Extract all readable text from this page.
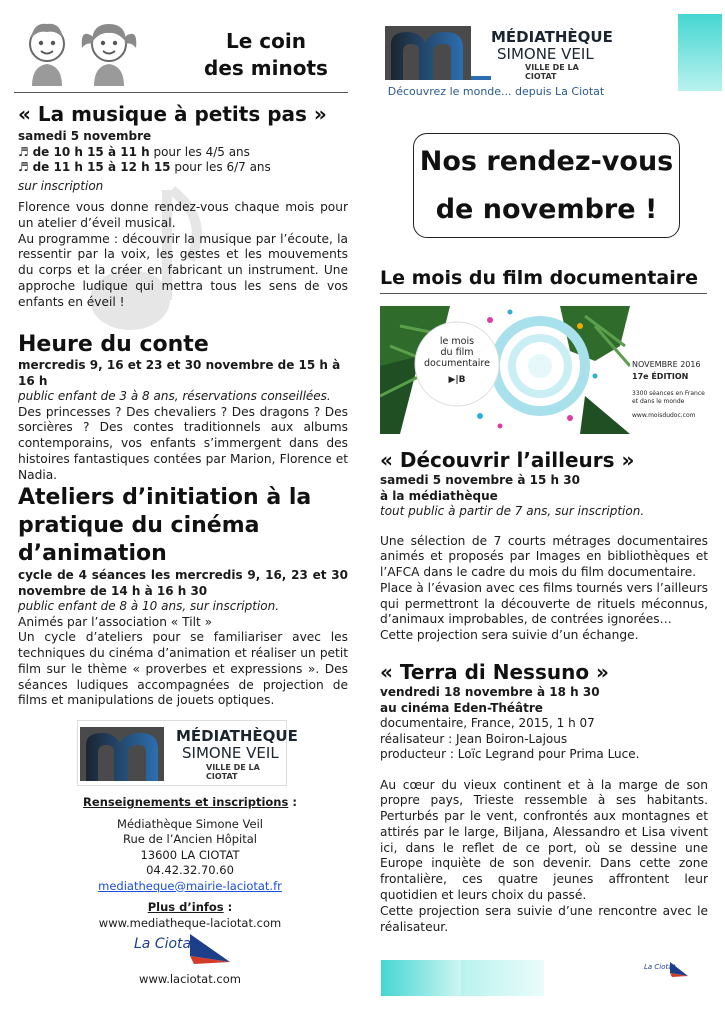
Le coin
des minots
MÉDIATHÈQUE
SIMONE VEIL
VILLE DE LA CIOTAT
Découvrez le monde... depuis La Ciotat
Nos rendez-vous
de novembre !
« La musique à petits pas »
samedi 5 novembre
♬ de 10 h 15 à 11 h pour les 4/5 ans
♬ de 11 h 15 à 12 h 15 pour les 6/7 ans
sur inscription
Florence vous donne rendez-vous chaque mois pour un atelier d’éveil musical.
Au programme : découvrir la musique par l’écoute, la ressentir par la voix, les gestes et les mouvements du corps et la créer en fabricant un instrument. Une approche ludique qui mettra tous les sens de vos enfants en éveil !
Heure du conte
mercredis 9, 16 et 23 et 30 novembre de 15 h à 16 h
public enfant de 3 à 8 ans, réservations conseillées.
Des princesses ? Des chevaliers ? Des dragons ? Des sorcières ? Des contes traditionnels aux albums contemporains, vos enfants s’immergent dans des histoires fantastiques contées par Marion, Florence et Nadia.
Ateliers d’initiation à la
pratique du cinéma d’animation
cycle de 4 séances les mercredis 9, 16, 23 et 30 novembre de 14 h à 16 h 30
public enfant de 8 à 10 ans, sur inscription.
Animés par l’association « Tilt »
Un cycle d’ateliers pour se familiariser avec les techniques du cinéma d’animation et réaliser un petit film sur le thème « proverbes et expressions ». Des séances ludiques accompagnées de projection de films et manipulations de jouets optiques.
MÉDIATHÈQUE
SIMONE VEIL
VILLE DE LA CIOTAT
Renseignements et inscriptions :
Médiathèque Simone Veil
Rue de l’Ancien Hôpital
13600 LA CIOTAT
04.42.32.70.60
mediatheque@mairie-laciotat.fr
Plus d’infos :
www.mediatheque-laciotat.com
La Ciotat
www.laciotat.com
Le mois du film documentaire
le mois
du film
documentaire
▶|B
NOVEMBRE 2016
17e ÉDITION
3300 séances en France
et dans le monde
www.moisdudoc.com
« Découvrir l’ailleurs »
samedi 5 novembre à 15 h 30
à la médiathèque
tout public à partir de 7 ans, sur inscription.
Une sélection de 7 courts métrages documentaires animés et proposés par Images en bibliothèques et l’AFCA dans le cadre du mois du film documentaire.
Place à l’évasion avec ces films tournés vers l’ailleurs qui permettront la découverte de rituels méconnus, d’animaux improbables, de contrées ignorées…
Cette projection sera suivie d’un échange.
« Terra di Nessuno »
vendredi 18 novembre à 18 h 30
au cinéma Eden-Théâtre
documentaire, France, 2015, 1 h 07
réalisateur : Jean Boiron-Lajous
producteur : Loïc Legrand pour Prima Luce.
Au cœur du vieux continent et à la marge de son propre pays, Trieste ressemble à ses habitants. Perturbés par le vent, confrontés aux montagnes et attirés par le large, Biljana, Alessandro et Lisa vivent ici, dans le reflet de ce port, où se dessine une Europe inquiète de son devenir. Dans cette zone frontalière, ces quatre jeunes affrontent leur quotidien et leurs choix du passé.
Cette projection sera suivie d’une rencontre avec le réalisateur.
La Ciotat
